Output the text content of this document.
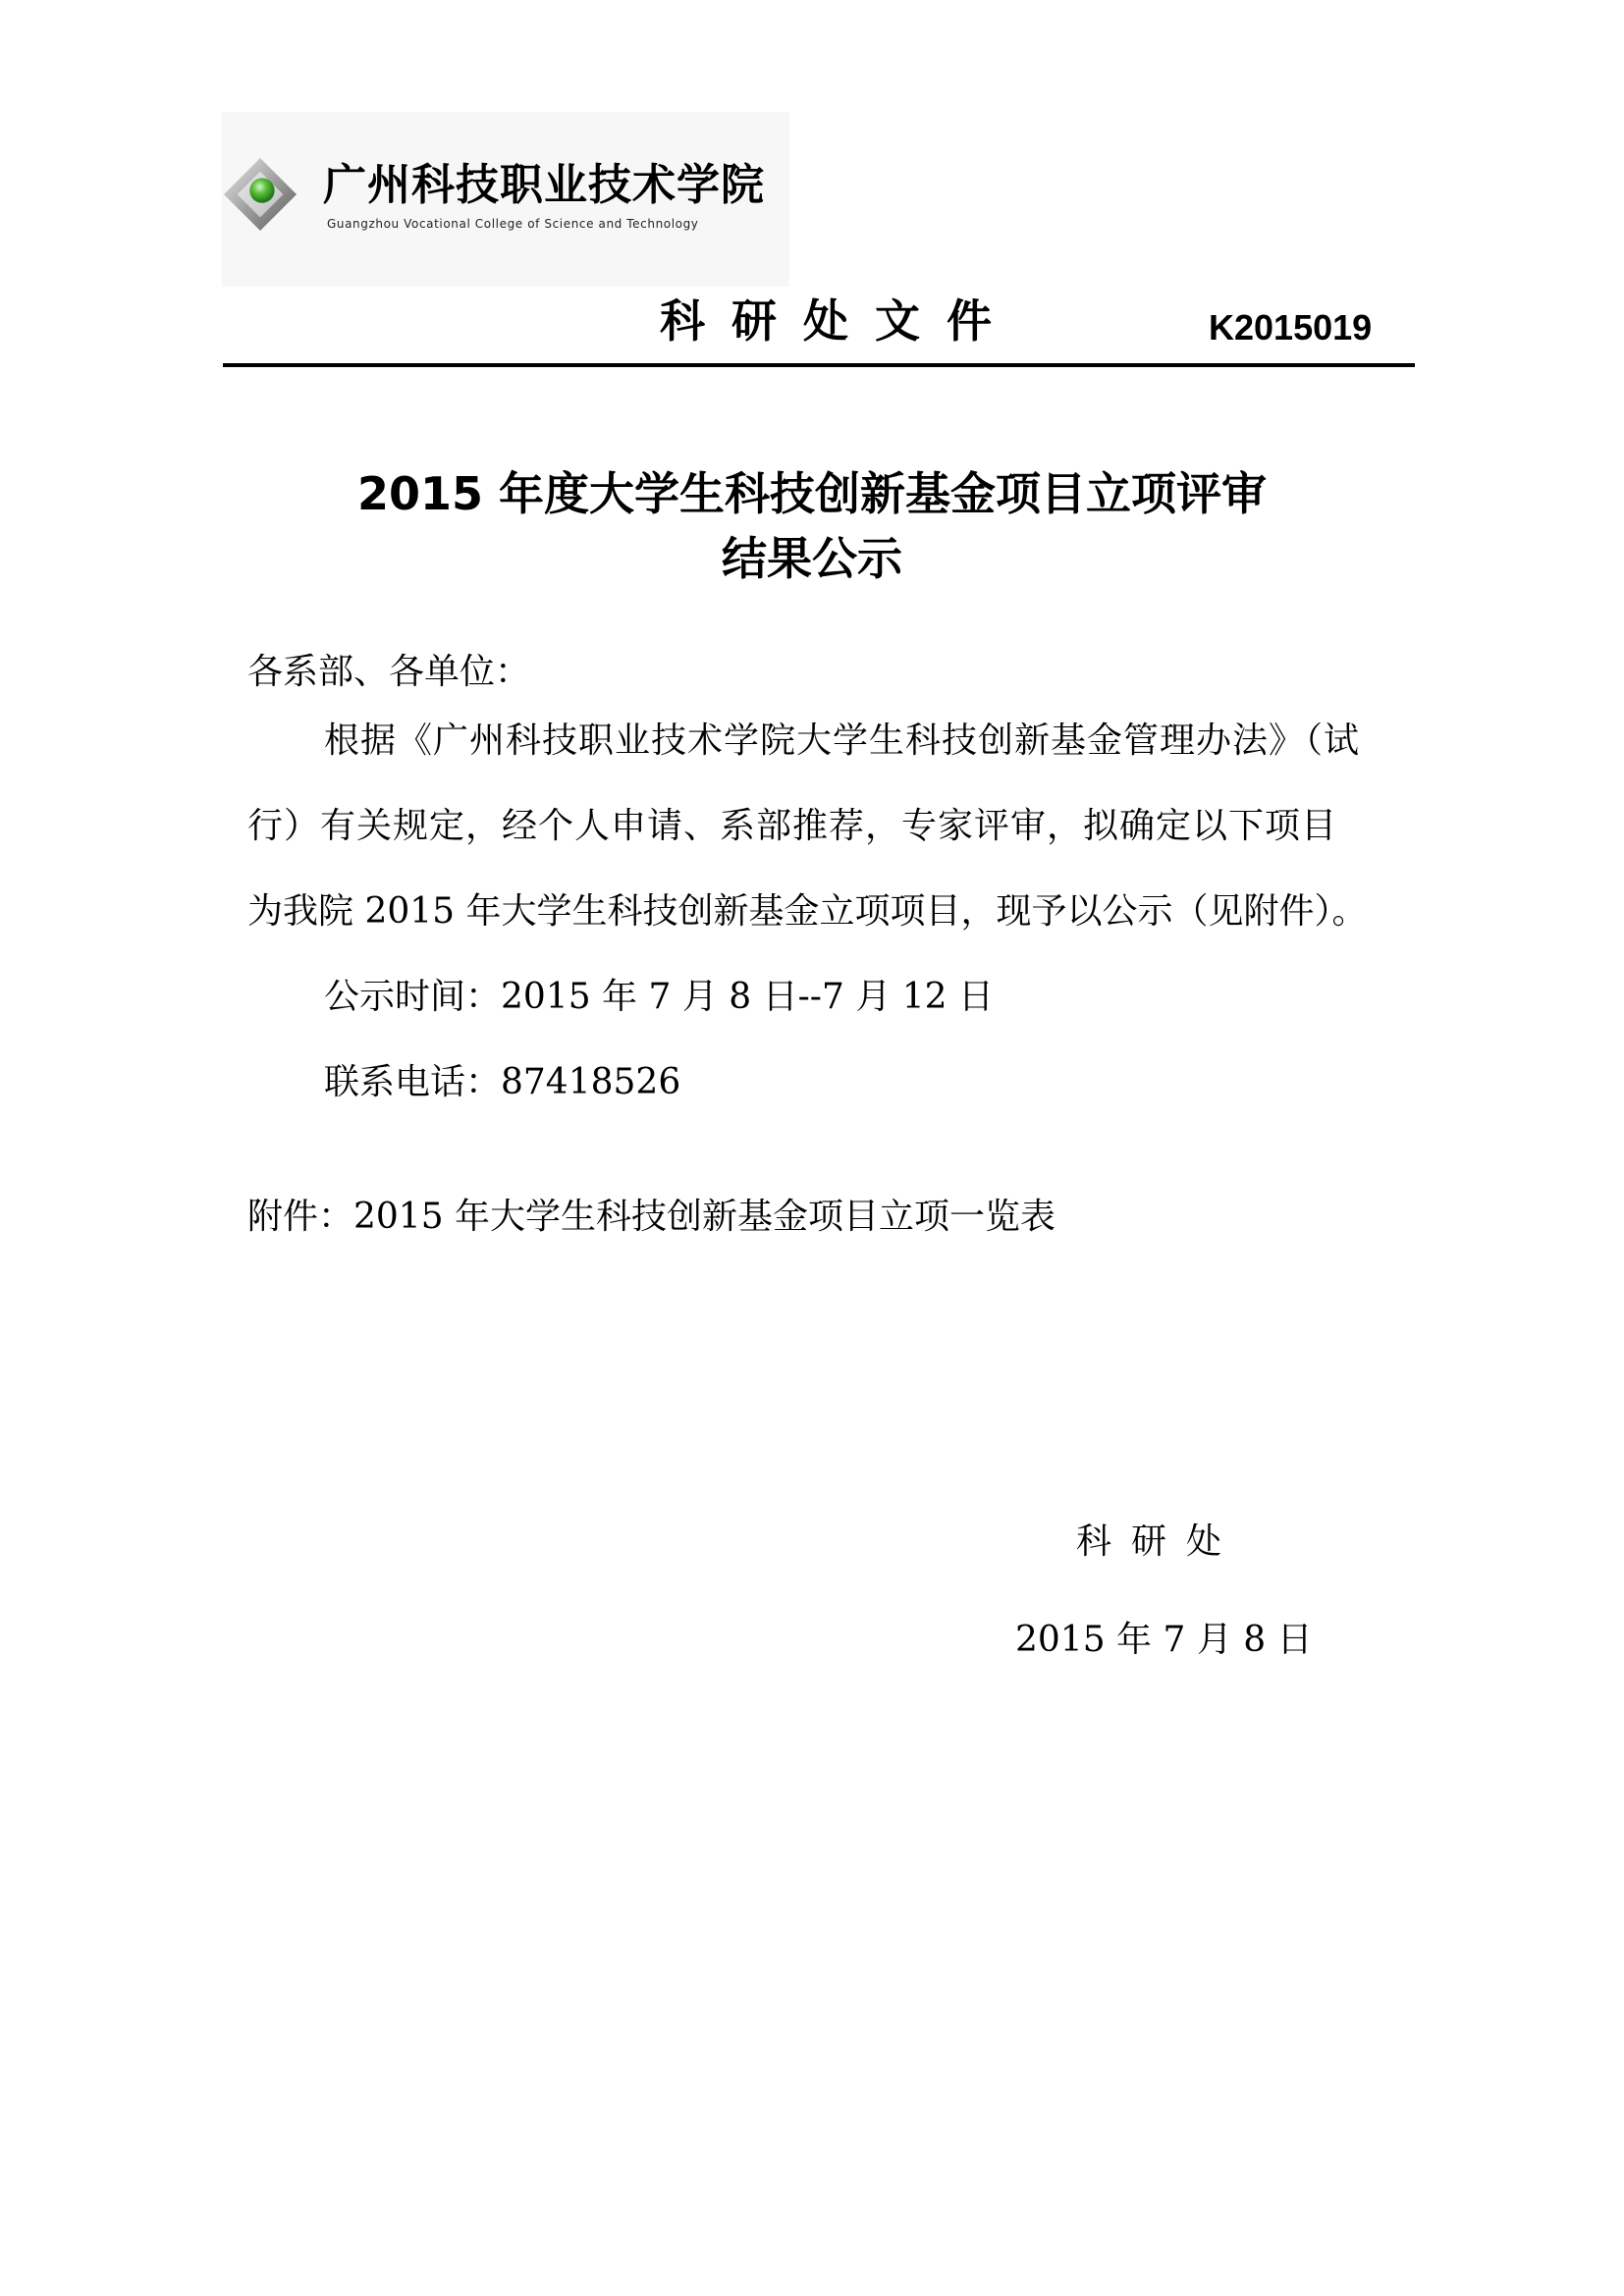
广州科技职业技术学院
Guangzhou Vocational College of Science and Technology
科研处文件	K2015019
2015 年度大学生科技创新基金项目立项评审
结果公示
各系部、各单位：
根据《广州科技职业技术学院大学生科技创新基金管理办法》（试
行）有关规定，经个人申请、系部推荐，专家评审，拟确定以下项目
为我院 2015 年大学生科技创新基金立项项目，现予以公示（见附件）。
公示时间：2015 年 7 月 8 日--7 月 12 日
联系电话：87418526
附件：2015 年大学生科技创新基金项目立项一览表
科研处
2015 年 7 月 8 日
